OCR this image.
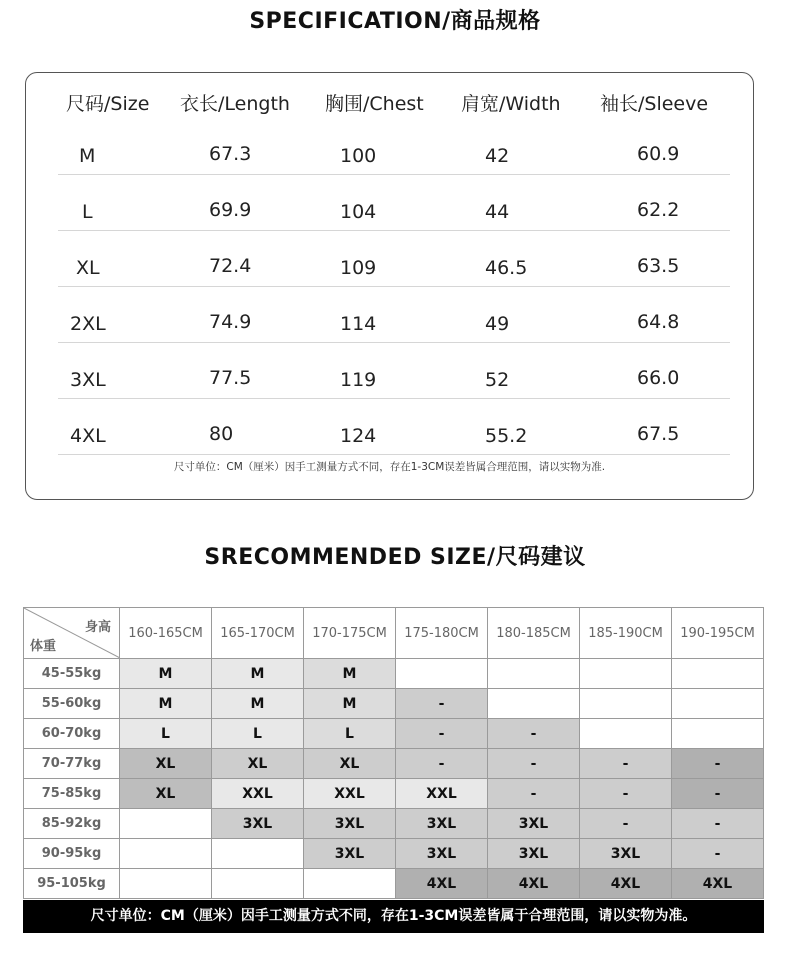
SPECIFICATION/商品规格
尺码/Size 衣长/Length 胸围/Chest 肩宽/Width 袖长/Sleeve
M	67.3	100	42	60.9
L	69.9	104	44	62.2
XL	72.4	109	46.5	63.5
2XL	74.9	114	49	64.8
3XL	77.5	119	52	66.0
4XL	80	124	55.2	67.5
尺寸单位：CM（厘米）因手工测量方式不同，存在1-3CM误差皆属合理范围，请以实物为准.
SRECOMMENDED SIZE/尺码建议
身高
体重	160-165CM	165-170CM	170-175CM	175-180CM	180-185CM	185-190CM	190-195CM
45-55kg	M	M	M				
55-60kg	M	M	M	-			
60-70kg	L	L	L	-	-		
70-77kg	XL	XL	XL	-	-	-	-
75-85kg	XL	XXL	XXL	XXL	-	-	-
85-92kg		3XL	3XL	3XL	3XL	-	-
90-95kg			3XL	3XL	3XL	3XL	-
95-105kg				4XL	4XL	4XL	4XL
尺寸单位：CM（厘米）因手工测量方式不同，存在1-3CM误差皆属于合理范围，请以实物为准。
